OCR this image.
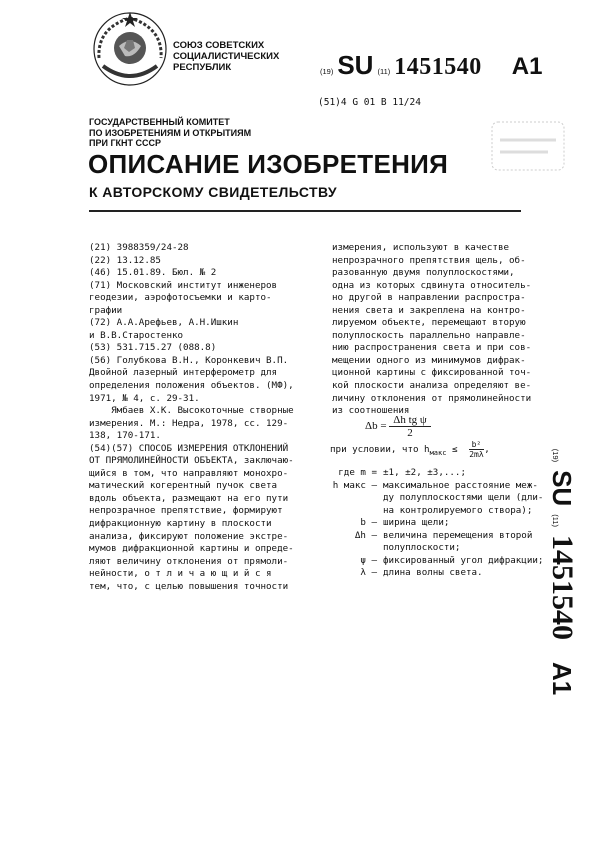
СОЮЗ СОВЕТСКИХ
СОЦИАЛИСТИЧЕСКИХ
РЕСПУБЛИК	(19) SU (11) 1451540 A1
(51)4 G 01 B 11/24
ГОСУДАРСТВЕННЫЙ КОМИТЕТ
ПО ИЗОБРЕТЕНИЯМ И ОТКРЫТИЯМ
ПРИ ГКНТ СССР
ОПИСАНИЕ ИЗОБРЕТЕНИЯ
К АВТОРСКОМУ СВИДЕТЕЛЬСТВУ
(21) 3988359/24-28
(22) 13.12.85
(46) 15.01.89. Бюл. № 2
(71) Московский институт инженеров
геодезии, аэрофотосъемки и карто-
графии
(72) А.А.Арефьев, А.Н.Ишкин
и В.В.Старостенко
(53) 531.715.27 (088.8)
(56) Голубкова В.Н., Коронкевич В.П.
Двойной лазерный интерферометр для
определения положения объектов. (МФ),
1971, № 4, с. 29-31.
Ямбаев Х.К. Высокоточные створные
измерения. М.: Недра, 1978, сс. 129-
138, 170-171.
(54)(57) СПОСОБ ИЗМЕРЕНИЯ ОТКЛОНЕНИЙ
ОТ ПРЯМОЛИНЕЙНОСТИ ОБЪЕКТА, заключаю-
щийся в том, что направляют монохро-
матический когерентный пучок света
вдоль объекта, размещают на его пути
непрозрачное препятствие, формируют
дифракционную картину в плоскости
анализа, фиксируют положение экстре-
мумов дифракционной картины и опреде-
ляют величину отклонения от прямоли-
нейности, о т л и ч а ю щ и й с я
тем, что, с целью повышения точности
измерения, используют в качестве
непрозрачного препятствия щель, об-
разованную двумя полуплоскостями,
одна из которых сдвинута относитель-
но другой в направлении распростра-
нения света и закреплена на контро-
лируемом объекте, перемещают вторую
полуплоскость параллельно направле-
нию распространения света и при сов-
мещении одного из минимумов дифрак-
ционной картины с фиксированной точ-
кой плоскости анализа определяют ве-
личину отклонения от прямолинейности
из соотношения
$\Delta b = \frac{\text{Δh tg ψ}}{2}$
при условии, что $h_{макс} \le \frac{\text{b²}}{2m\lambda}$ ,
где m = ±1, ±2, ±3,...;
h макс – максимальное расстояние меж-
ду полуплоскостями щели (дли-
на контролируемого створа);
b – ширина щели;
Δh – величина перемещения второй
полуплоскости;
ψ – фиксированный угол дифракции;
λ – длина волны света.
(19)
SU
(11)
1451540
A1
